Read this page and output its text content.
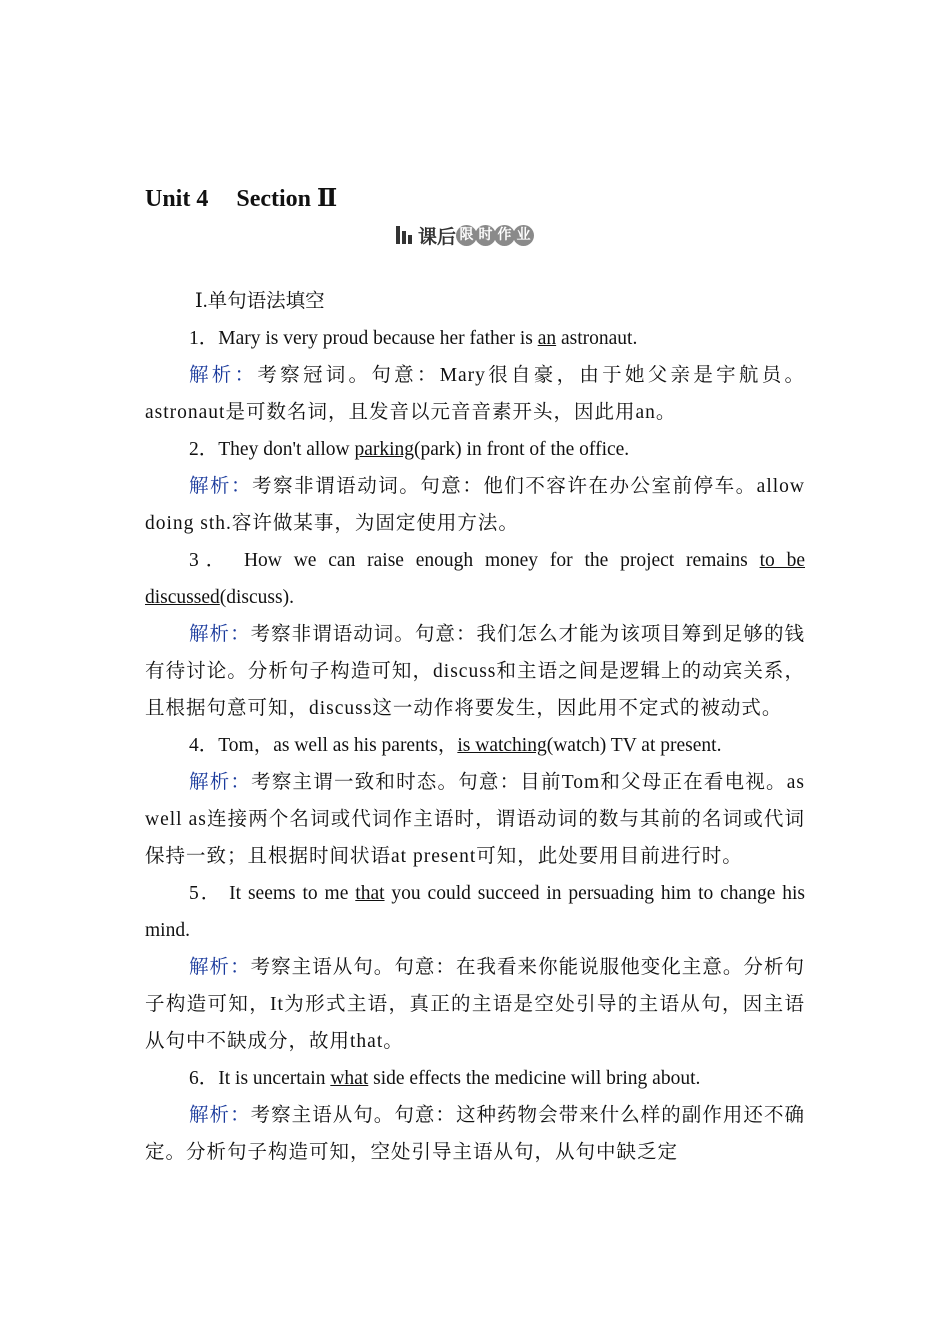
Unit 4 Section Ⅱ
课后 限 时 作 业

Ⅰ.单句语法填空

1．Mary is very proud because her father is an astronaut.

解析：考察冠词。句意：Mary很自豪，由于她父亲是宇航员。astronaut是可数名词，且发音以元音音素开头，因此用an。

2．They don't allow parking(park) in front of the office.

解析：考察非谓语动词。句意：他们不容许在办公室前停车。allow doing sth.容许做某事，为固定使用方法。

3． How we can raise enough money for the project remains to be discussed(discuss).

解析：考察非谓语动词。句意：我们怎么才能为该项目筹到足够的钱有待讨论。分析句子构造可知，discuss和主语之间是逻辑上的动宾关系，且根据句意可知，discuss这一动作将要发生，因此用不定式的被动式。

4．Tom，as well as his parents，is watching(watch) TV at present.

解析：考察主谓一致和时态。句意：目前Tom和父母正在看电视。as well as连接两个名词或代词作主语时，谓语动词的数与其前的名词或代词保持一致；且根据时间状语at present可知，此处要用目前进行时。

5． It seems to me that you could succeed in persuading him to change his mind.

解析：考察主语从句。句意：在我看来你能说服他变化主意。分析句子构造可知，It为形式主语，真正的主语是空处引导的主语从句，因主语从句中不缺成分，故用that。

6．It is uncertain what side effects the medicine will bring about.

解析：考察主语从句。句意：这种药物会带来什么样的副作用还不确定。分析句子构造可知，空处引导主语从句，从句中缺乏定
